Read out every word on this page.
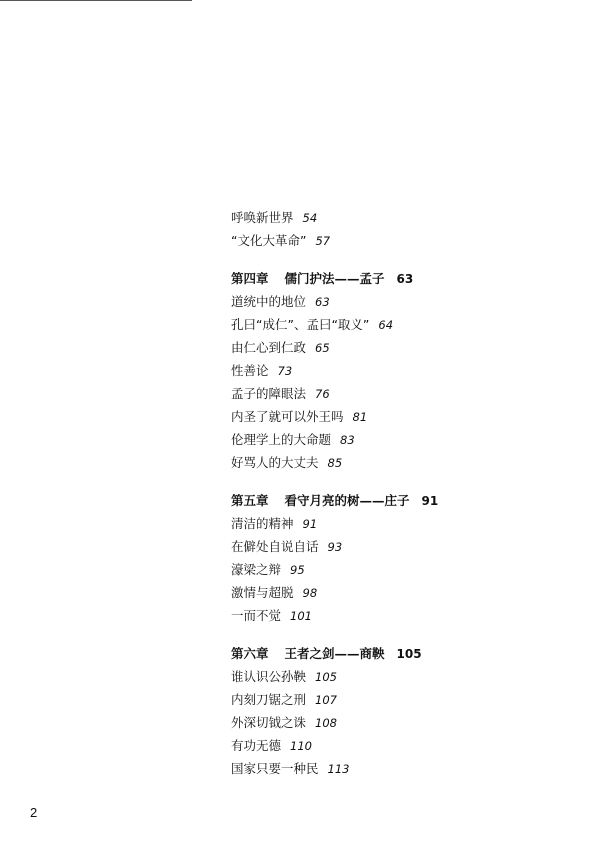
呼唤新世界 54
“文化大革命” 57
第四章 儒门护法——孟子 63
道统中的地位 63
孔曰“成仁”、孟曰“取义” 64
由仁心到仁政 65
性善论 73
孟子的障眼法 76
内圣了就可以外王吗 81
伦理学上的大命题 83
好骂人的大丈夫 85
第五章 看守月亮的树——庄子 91
清洁的精神 91
在僻处自说自话 93
濠梁之辩 95
激情与超脱 98
一而不觉 101
第六章 王者之剑——商鞅 105
谁认识公孙鞅 105
内刻刀锯之刑 107
外深切钺之诛 108
有功无德 110
国家只要一种民 113
2
